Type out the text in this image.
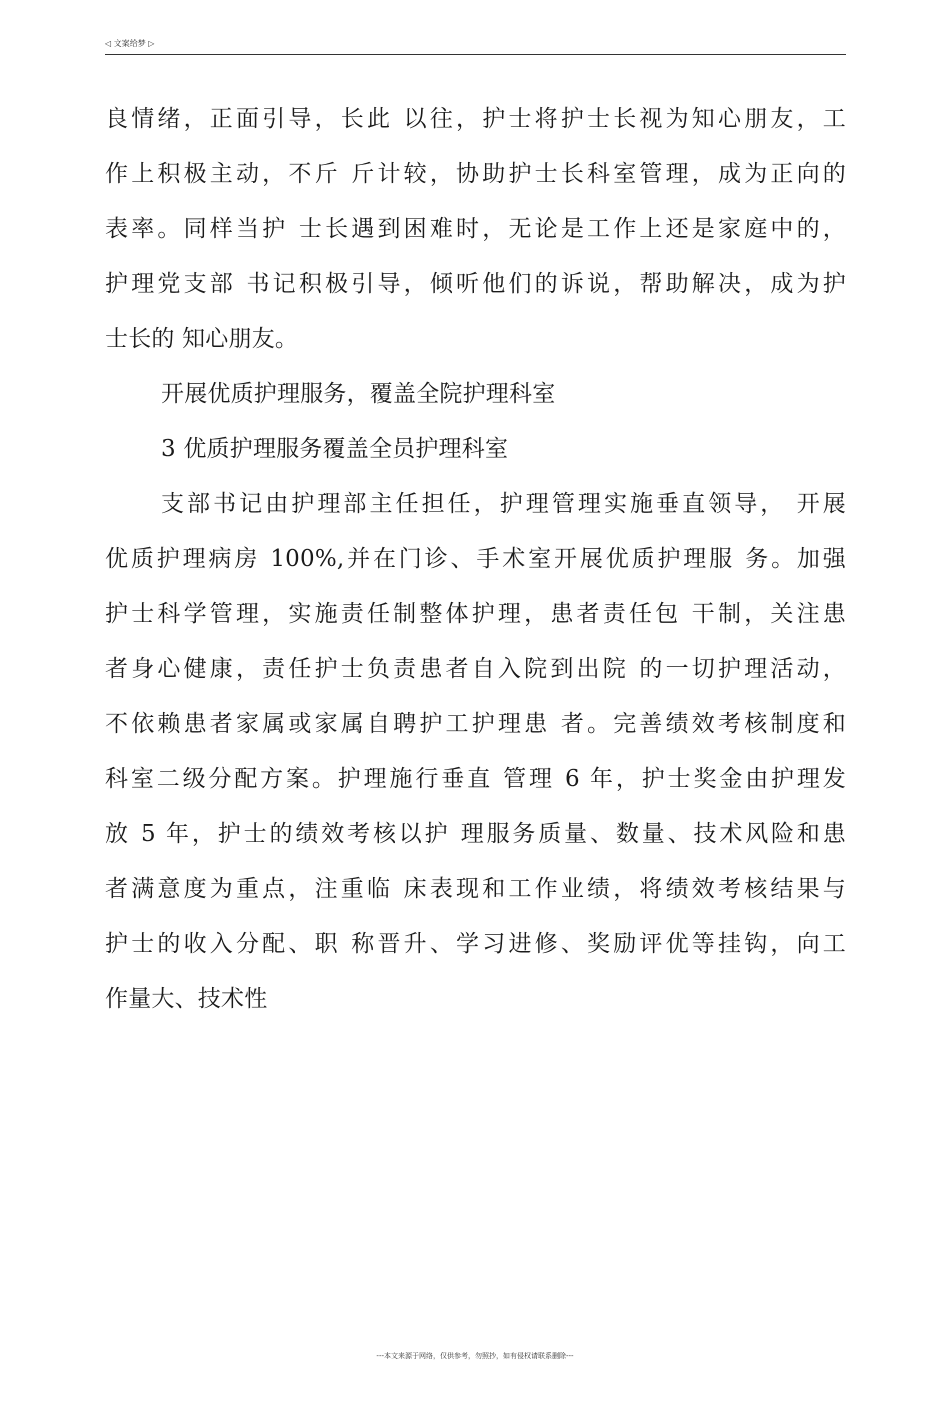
◁ 文案给梦 ▷
良情绪，正面引导，长此 以往，护士将护士长视为知心朋友，工
作上积极主动，不斤 斤计较，协助护士长科室管理，成为正向的
表率。同样当护 士长遇到困难时，无论是工作上还是家庭中的，
护理党支部 书记积极引导，倾听他们的诉说，帮助解决，成为护
士长的 知心朋友。
开展优质护理服务，覆盖全院护理科室
3 优质护理服务覆盖全员护理科室
支部书记由护理部主任担任，护理管理实施垂直领导， 开展
优质护理病房 100%,并在门诊、手术室开展优质护理服 务。加强
护士科学管理，实施责任制整体护理，患者责任包 干制，关注患
者身心健康，责任护士负责患者自入院到出院 的一切护理活动，
不依赖患者家属或家属自聘护工护理患 者。完善绩效考核制度和
科室二级分配方案。护理施行垂直 管理 6 年，护士奖金由护理发
放 5 年，护士的绩效考核以护 理服务质量、数量、技术风险和患
者满意度为重点，注重临 床表现和工作业绩，将绩效考核结果与
护士的收入分配、职 称晋升、学习进修、奖励评优等挂钩，向工
作量大、技术性
---本文来源于网络，仅供参考，勿照抄，如有侵权请联系删除---
